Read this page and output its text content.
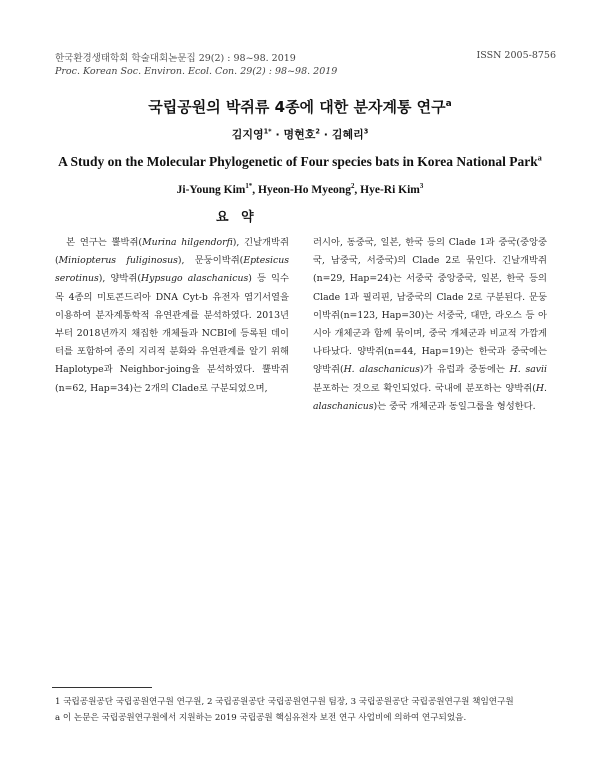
한국환경생태학회 학술대회논문집 29(2) : 98~98. 2019
Proc. Korean Soc. Environ. Ecol. Con. 29(2) : 98~98. 2019
ISSN 2005-8756
국립공원의 박쥐류 4종에 대한 분자계통 연구$^a$
김지영$^{1*}$ · 명현호$^2$ · 김혜리$^3$
A Study on the Molecular Phylogenetic of Four species bats in Korea National Park$^a$
Ji-Young Kim$^{1*}$, Hyeon-Ho Myeong$^2$, Hye-Ri Kim$^3$
요 약

본 연구는 뿔박쥐(Murina hilgendorfi), 긴날개박쥐(Miniopterus fuliginosus), 문둥이박쥐(Eptesicus serotinus), 양박쥐(Hypsugo alaschanicus) 등 익수목 4종의 미토콘드리아 DNA Cyt-b 유전자 염기서열을 이용하여 분자계통학적 유연관계를 분석하였다. 2013년부터 2018년까지 채집한 개체들과 NCBI에 등록된 데이터를 포함하여 종의 지리적 분화와 유연관계를 알기 위해 Haplotype과 Neighbor-joing을 분석하였다. 뿔박쥐(n=62, Hap=34)는 2개의 Clade로 구분되었으며,

러시아, 동중국, 일본, 한국 등의 Clade 1과 중국(중앙중국, 남중국, 서중국)의 Clade 2로 묶인다. 긴날개박쥐(n=29, Hap=24)는 서중국 중앙중국, 일본, 한국 등의 Clade 1과 필리핀, 남중국의 Clade 2로 구분된다. 문둥이박쥐(n=123, Hap=30)는 서중국, 대만, 라오스 등 아시아 개체군과 함께 묶이며, 중국 개체군과 비교적 가깝게 나타났다. 양박쥐(n=44, Hap=19)는 한국과 중국에는 양박쥐(H. alaschanicus)가 유럽과 중동에는 H. savii 분포하는 것으로 확인되었다. 국내에 분포하는 양박쥐(H. alaschanicus)는 중국 개체군과 동일그룹을 형성한다.

1 국립공원공단 국립공원연구원 연구원, 2 국립공원공단 국립공원연구원 팀장, 3 국립공원공단 국립공원연구원 책임연구원
a 이 논문은 국립공원연구원에서 지원하는 2019 국립공원 핵심유전자 보전 연구 사업비에 의하여 연구되었음.
